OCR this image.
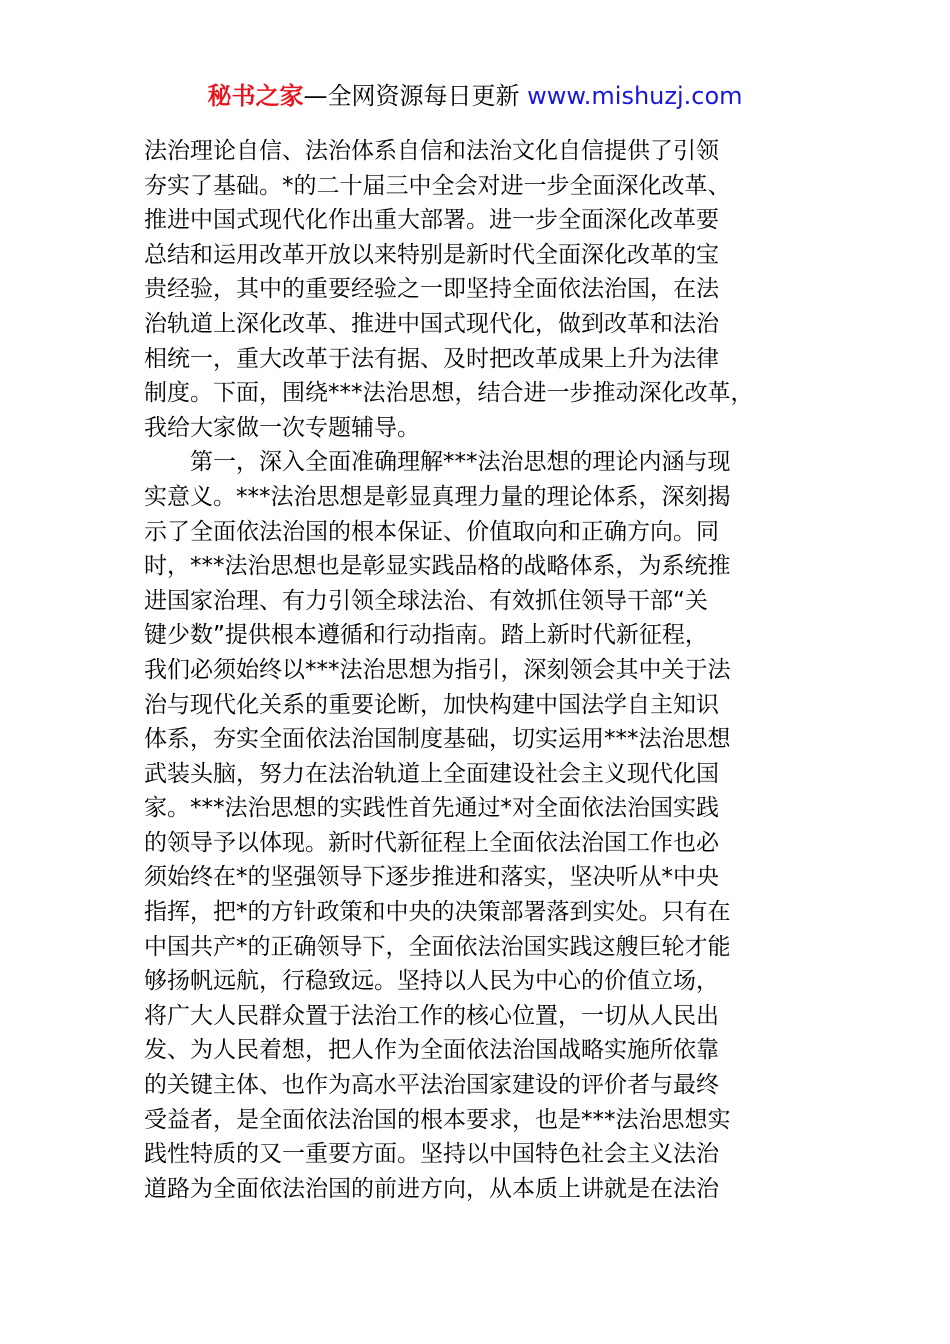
秘书之家—全网资源每日更新 www.mishuzj.com
法治理论自信、法治体系自信和法治文化自信提供了引领
夯实了基础。*的二十届三中全会对进一步全面深化改革、
推进中国式现代化作出重大部署。进一步全面深化改革要
总结和运用改革开放以来特别是新时代全面深化改革的宝
贵经验，其中的重要经验之一即坚持全面依法治国，在法
治轨道上深化改革、推进中国式现代化，做到改革和法治
相统一，重大改革于法有据、及时把改革成果上升为法律
制度。下面，围绕***法治思想，结合进一步推动深化改革，
我给大家做一次专题辅导。
　　第一，深入全面准确理解***法治思想的理论内涵与现
实意义。***法治思想是彰显真理力量的理论体系，深刻揭
示了全面依法治国的根本保证、价值取向和正确方向。同
时，***法治思想也是彰显实践品格的战略体系，为系统推
进国家治理、有力引领全球法治、有效抓住领导干部“关
键少数”提供根本遵循和行动指南。踏上新时代新征程，
我们必须始终以***法治思想为指引，深刻领会其中关于法
治与现代化关系的重要论断，加快构建中国法学自主知识
体系，夯实全面依法治国制度基础，切实运用***法治思想
武装头脑，努力在法治轨道上全面建设社会主义现代化国
家。***法治思想的实践性首先通过*对全面依法治国实践
的领导予以体现。新时代新征程上全面依法治国工作也必
须始终在*的坚强领导下逐步推进和落实，坚决听从*中央
指挥，把*的方针政策和中央的决策部署落到实处。只有在
中国共产*的正确领导下，全面依法治国实践这艘巨轮才能
够扬帆远航，行稳致远。坚持以人民为中心的价值立场，
将广大人民群众置于法治工作的核心位置，一切从人民出
发、为人民着想，把人作为全面依法治国战略实施所依靠
的关键主体、也作为高水平法治国家建设的评价者与最终
受益者，是全面依法治国的根本要求，也是***法治思想实
践性特质的又一重要方面。坚持以中国特色社会主义法治
道路为全面依法治国的前进方向，从本质上讲就是在法治
